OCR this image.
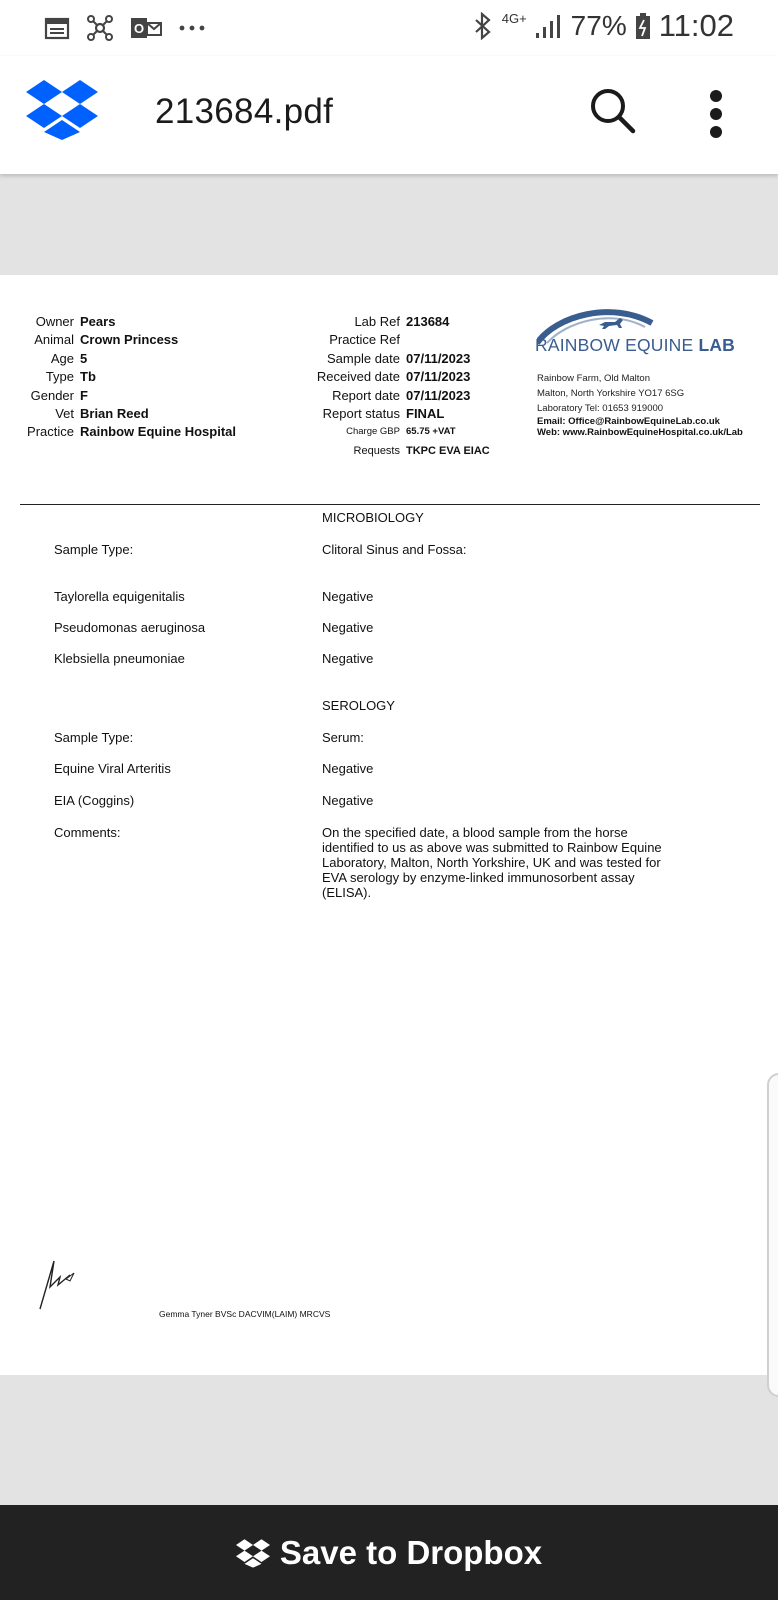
O
4G+ 77% 11:02
213684.pdf
Owner Pears
Animal Crown Princess
Age 5
Type Tb
Gender F
Vet Brian Reed
Practice Rainbow Equine Hospital
Lab Ref 213684
Practice Ref
Sample date 07/11/2023
Received date 07/11/2023
Report date 07/11/2023
Report status FINAL
Charge GBP 65.75 +VAT
Requests TKPC EVA EIAC
RAINBOW EQUINE LAB
Rainbow Farm, Old Malton
Malton, North Yorkshire YO17 6SG
Laboratory Tel: 01653 919000
Email: Office@RainbowEquineLab.co.uk
Web: www.RainbowEquineHospital.co.uk/Lab
MICROBIOLOGY
Sample Type:	Clitoral Sinus and Fossa:
Taylorella equigenitalis	Negative
Pseudomonas aeruginosa	Negative
Klebsiella pneumoniae	Negative
SEROLOGY
Sample Type:	Serum:
Equine Viral Arteritis	Negative
EIA (Coggins)	Negative
Comments:	On the specified date, a blood sample from the horse identified to us as above was submitted to Rainbow Equine Laboratory, Malton, North Yorkshire, UK and was tested for EVA serology by enzyme-linked immunosorbent assay (ELISA).
Gemma Tyner BVSc DACVIM(LAIM) MRCVS
Save to Dropbox
